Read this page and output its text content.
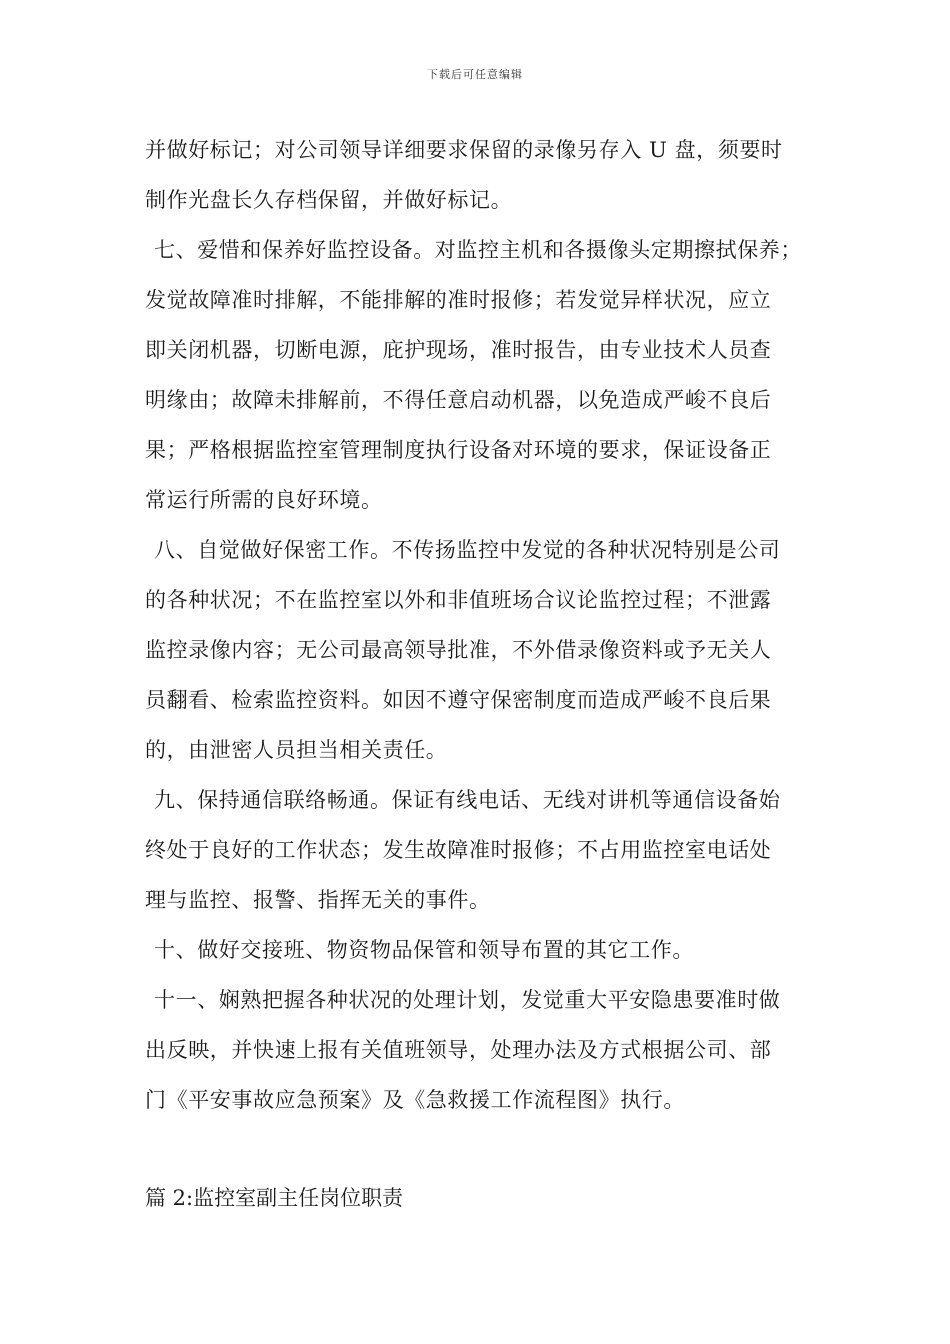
下载后可任意编辑
并做好标记；对公司领导详细要求保留的录像另存入 U 盘，须要时
制作光盘长久存档保留，并做好标记。
七、爱惜和保养好监控设备。对监控主机和各摄像头定期擦拭保养；
发觉故障准时排解，不能排解的准时报修；若发觉异样状况，应立
即关闭机器，切断电源，庇护现场，准时报告，由专业技术人员查
明缘由；故障未排解前，不得任意启动机器，以免造成严峻不良后
果；严格根据监控室管理制度执行设备对环境的要求，保证设备正
常运行所需的良好环境。
八、自觉做好保密工作。不传扬监控中发觉的各种状况特别是公司
的各种状况；不在监控室以外和非值班场合议论监控过程；不泄露
监控录像内容；无公司最高领导批准，不外借录像资料或予无关人
员翻看、检索监控资料。如因不遵守保密制度而造成严峻不良后果
的，由泄密人员担当相关责任。
九、保持通信联络畅通。保证有线电话、无线对讲机等通信设备始
终处于良好的工作状态；发生故障准时报修；不占用监控室电话处
理与监控、报警、指挥无关的事件。
十、做好交接班、物资物品保管和领导布置的其它工作。
十一、娴熟把握各种状况的处理计划，发觉重大平安隐患要准时做
出反映，并快速上报有关值班领导，处理办法及方式根据公司、部
门《平安事故应急预案》及《急救援工作流程图》执行。
篇 2:监控室副主任岗位职责
